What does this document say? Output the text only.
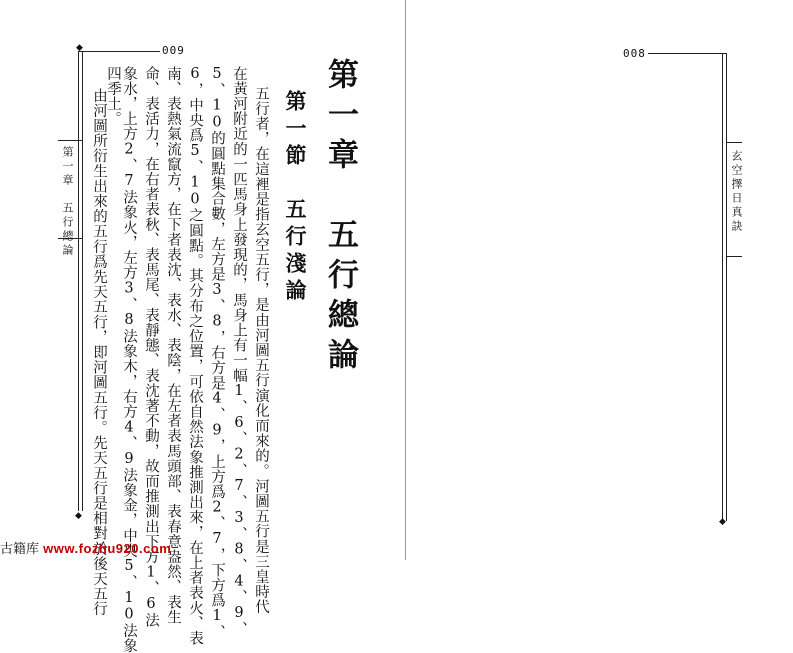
008
玄空擇日真訣
◆
009
◆
◆
第一章　五行總論	第一章　五行總論
第一節　五行淺論
五行者，在這裡是指玄空五行，是由河圖五行演化而來的。河圖五行是三皇時代
在黃河附近的一匹馬身上發現的，馬身上有一幅1、6、2、7、3、8、4、9、
5、10的圓點集合數，左方是3、8，右方是4、9，上方爲2、7，下方爲1、
6，中央爲5、10之圓點。其分布之位置，可依自然法象推測出來，在上者表火、表
南、表熱氣流竄方，在下者表沈、表水、表陰，在左者表馬頭部、表春意盎然、表生
命、表活力，在右者表秋、表馬尾、表靜態、表沈著不動，故而推測出下方1、6法
象水，上方2、7法象火，左方3、8法象木，右方4、9法象金，中央5、10法象
四季土。
由河圖所衍生出來的五行爲先天五行，即河圖五行。先天五行是相對於後天五行
古籍库 www.fozhu920.com
